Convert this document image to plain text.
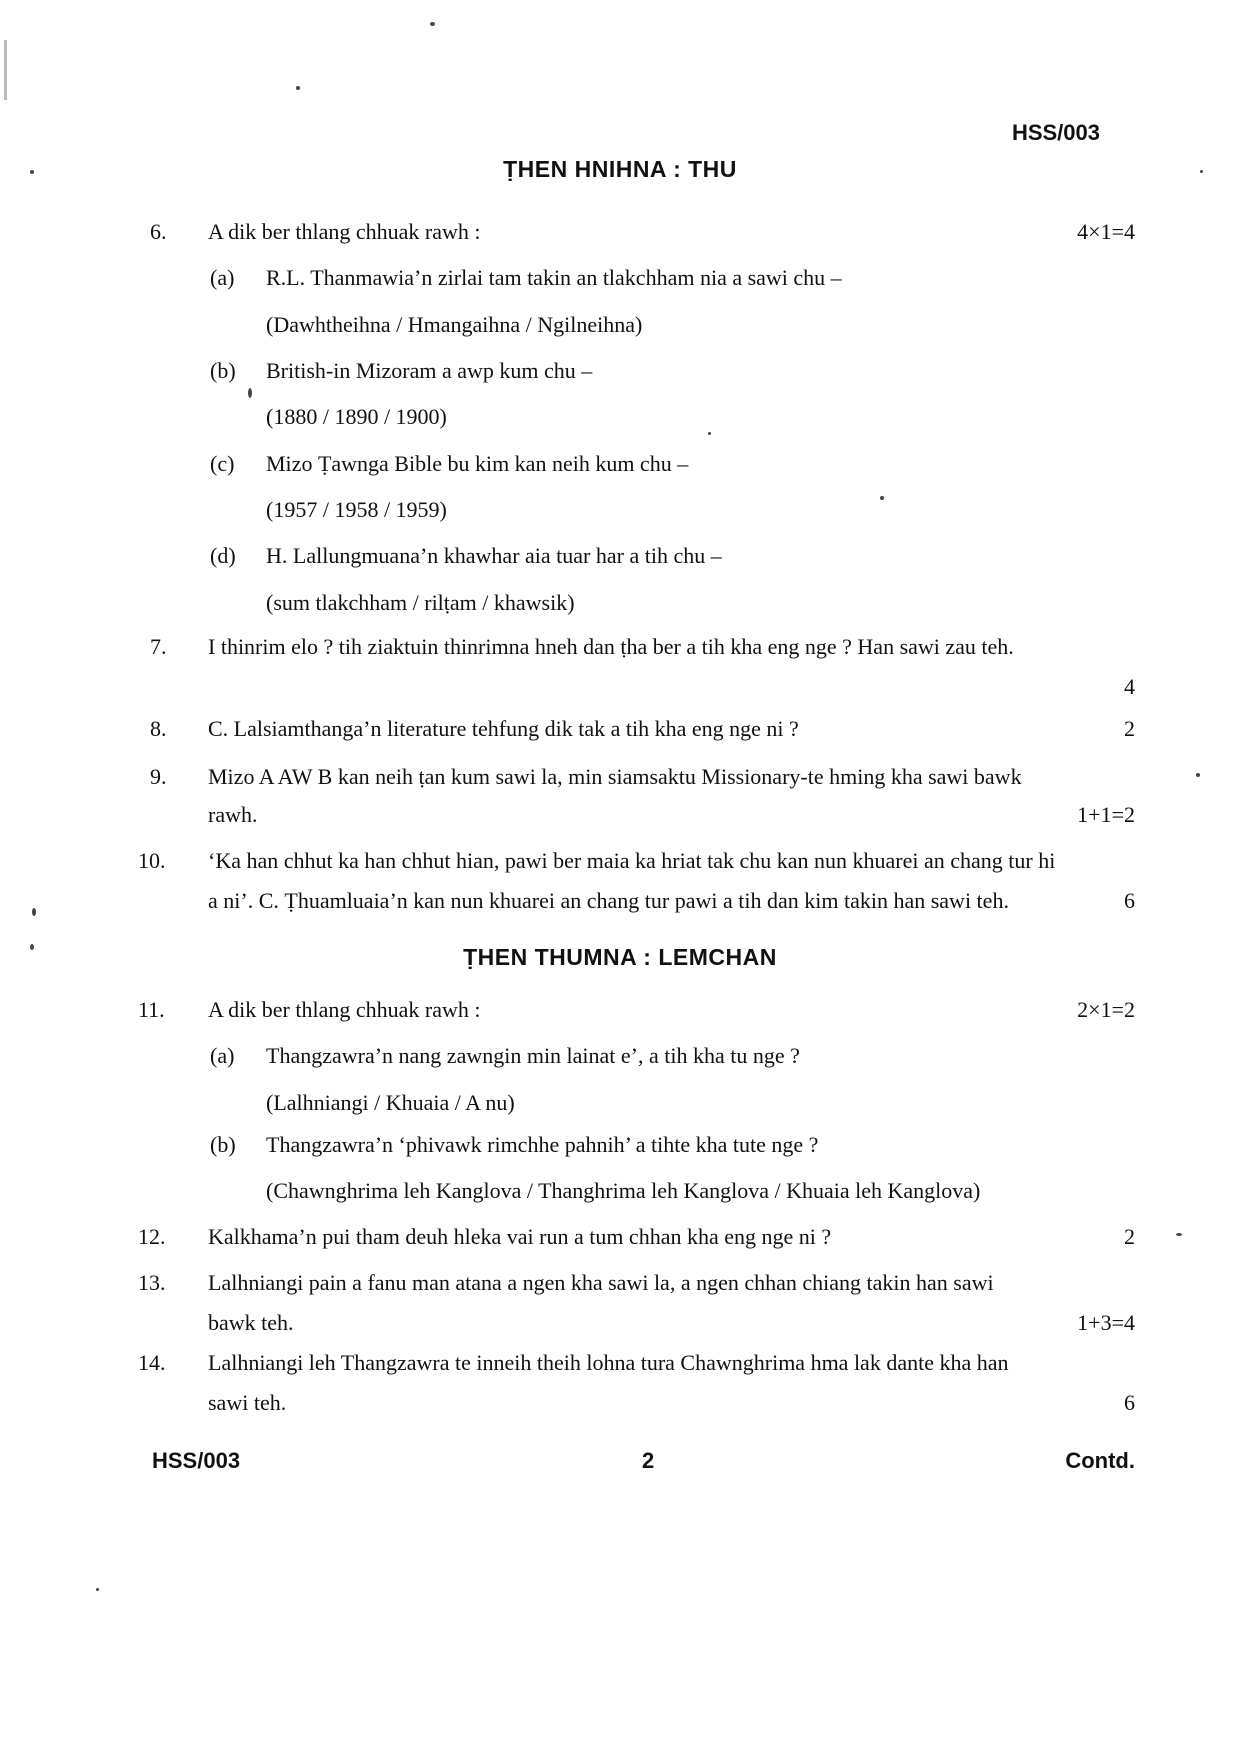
HSS/003
ṬHEN HNIHNA : THU
6. A dik ber thlang chhuak rawh :	4×1=4
(a) R.L. Thanmawia’n zirlai tam takin an tlakchham nia a sawi chu –
(Dawhtheihna / Hmangaihna / Ngilneihna)
(b) British-in Mizoram a awp kum chu –
(1880 / 1890 / 1900)
(c) Mizo Ṭawnga Bible bu kim kan neih kum chu –
(1957 / 1958 / 1959)
(d) H. Lallungmuana’n khawhar aia tuar har a tih chu –
(sum tlakchham / rilṭam / khawsik)
7. I thinrim elo ? tih ziaktuin thinrimna hneh dan ṭha ber a tih kha eng nge ? Han sawi zau teh.
4
8. C. Lalsiamthanga’n literature tehfung dik tak a tih kha eng nge ni ?	2
9. Mizo A AW B kan neih ṭan kum sawi la, min siamsaktu Missionary-te hming kha sawi bawk
rawh.	1+1=2
10. ‘Ka han chhut ka han chhut hian, pawi ber maia ka hriat tak chu kan nun khuarei an chang tur hi
a ni’. C. Ṭhuamluaia’n kan nun khuarei an chang tur pawi a tih dan kim takin han sawi teh.	6
ṬHEN THUMNA : LEMCHAN
11. A dik ber thlang chhuak rawh :	2×1=2
(a) Thangzawra’n nang zawngin min lainat e’, a tih kha tu nge ?
(Lalhniangi / Khuaia / A nu)
(b) Thangzawra’n ‘phivawk rimchhe pahnih’ a tihte kha tute nge ?
(Chawnghrima leh Kanglova / Thanghrima leh Kanglova / Khuaia leh Kanglova)
12. Kalkhama’n pui tham deuh hleka vai run a tum chhan kha eng nge ni ?	2
13. Lalhniangi pain a fanu man atana a ngen kha sawi la, a ngen chhan chiang takin han sawi
bawk teh.	1+3=4
14. Lalhniangi leh Thangzawra te inneih theih lohna tura Chawnghrima hma lak dante kha han
sawi teh.	6
HSS/003	2	Contd.
